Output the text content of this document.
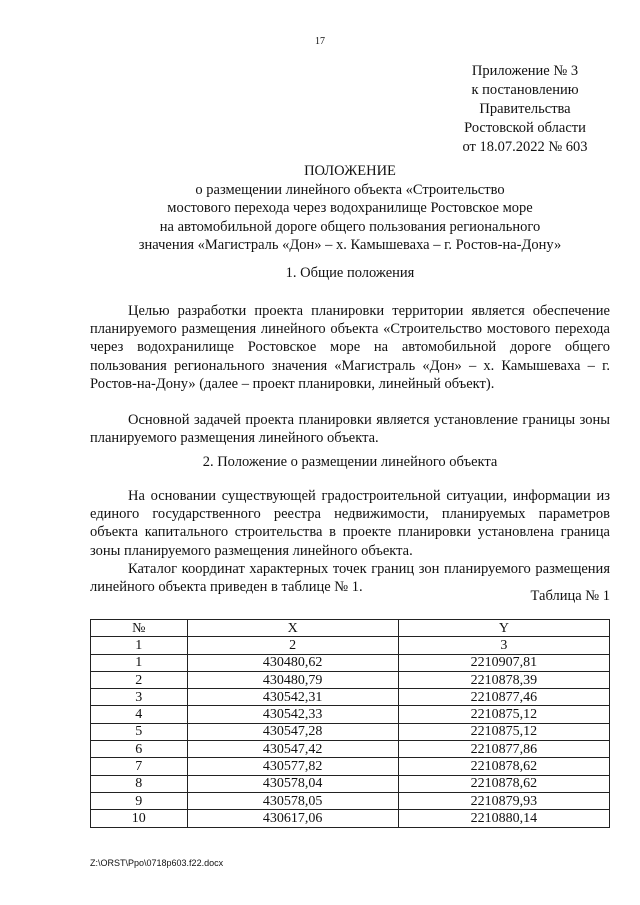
17
Приложение № 3
к постановлению
Правительства
Ростовской области
от 18.07.2022 № 603
ПОЛОЖЕНИЕ
о размещении линейного объекта «Строительство
мостового перехода через водохранилище Ростовское море
на автомобильной дороге общего пользования регионального
значения «Магистраль «Дон» – х. Камышеваха – г. Ростов-на-Дону»
1. Общие положения

Целью разработки проекта планировки территории является обеспечение планируемого размещения линейного объекта «Строительство мостового перехода через водохранилище Ростовское море на автомобильной дороге общего пользования регионального значения «Магистраль «Дон» – х. Камышеваха – г. Ростов-на-Дону» (далее – проект планировки, линейный объект).

Основной задачей проекта планировки является установление границы зоны планируемого размещения линейного объекта.

2. Положение о размещении линейного объекта

На основании существующей градостроительной ситуации, информации из единого государственного реестра недвижимости, планируемых параметров объекта капитального строительства в проекте планировки установлена граница зоны планируемого размещения линейного объекта.

Каталог координат характерных точек границ зон планируемого размещения линейного объекта приведен в таблице № 1.

Таблица № 1
№	X	Y
1	2	3
1	430480,62	2210907,81
2	430480,79	2210878,39
3	430542,31	2210877,46
4	430542,33	2210875,12
5	430547,28	2210875,12
6	430547,42	2210877,86
7	430577,82	2210878,62
8	430578,04	2210878,62
9	430578,05	2210879,93
10	430617,06	2210880,14
Z:\ORST\Ppo\0718p603.f22.docx
